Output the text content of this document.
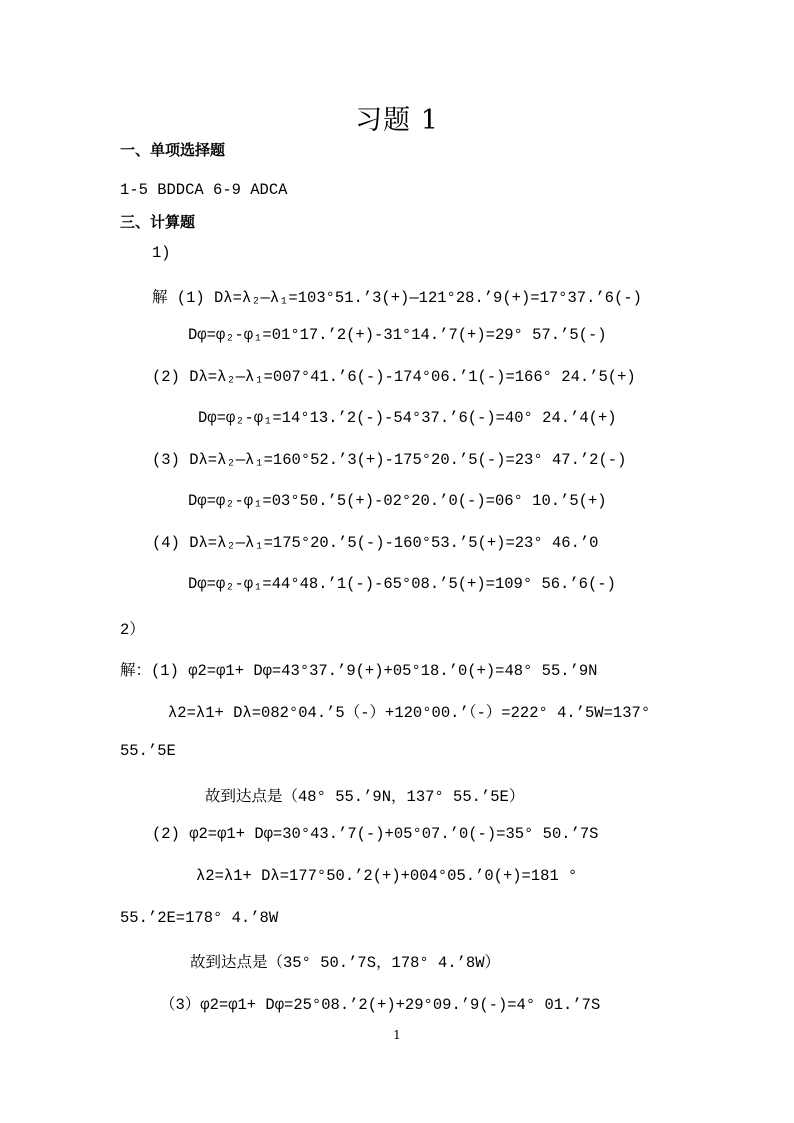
习题 1
一、单项选择题
1-5 BDDCA 6-9 ADCA
三、计算题
1)
解 (1) Dλ=λ₂—λ₁=103°51.’3(+)—121°28.’9(+)=17°37.’6(-)
Dφ=φ₂-φ₁=01°17.’2(+)-31°14.’7(+)=29° 57.’5(-)
(2) Dλ=λ₂—λ₁=007°41.’6(-)-174°06.’1(-)=166° 24.’5(+)
Dφ=φ₂-φ₁=14°13.’2(-)-54°37.’6(-)=40° 24.’4(+)
(3) Dλ=λ₂—λ₁=160°52.’3(+)-175°20.’5(-)=23° 47.’2(-)
Dφ=φ₂-φ₁=03°50.’5(+)-02°20.’0(-)=06° 10.’5(+)
(4) Dλ=λ₂—λ₁=175°20.’5(-)-160°53.’5(+)=23° 46.’0
Dφ=φ₂-φ₁=44°48.’1(-)-65°08.’5(+)=109° 56.’6(-)
2）
解：(1) φ2=φ1+ Dφ=43°37.’9(+)+05°18.’0(+)=48° 55.’9N
λ2=λ1+ Dλ=082°04.’5（-）+120°00.’（-）=222° 4.’5W=137°
55.’5E
故到达点是（48° 55.’9N，137° 55.’5E）
(2) φ2=φ1+ Dφ=30°43.’7(-)+05°07.’0(-)=35° 50.’7S
λ2=λ1+ Dλ=177°50.’2(+)+004°05.’0(+)=181 °
55.’2E=178° 4.’8W
故到达点是（35° 50.’7S，178° 4.’8W）
（3）φ2=φ1+ Dφ=25°08.’2(+)+29°09.’9(-)=4° 01.’7S
1
